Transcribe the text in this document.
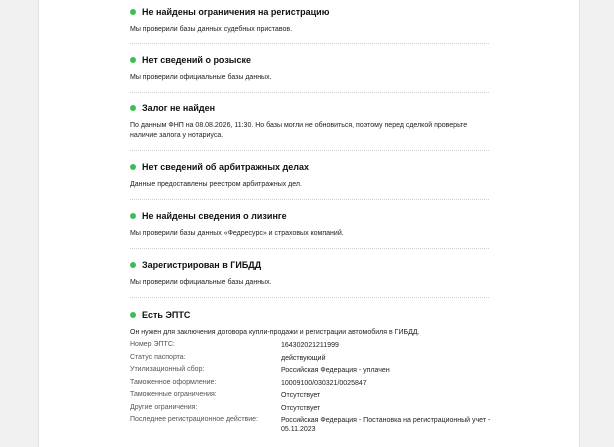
Не найдены ограничения на регистрацию
Мы проверили базы данных судебных приставов.
Нет сведений о розыске
Мы проверили официальные базы данных.
Залог не найден
По данным ФНП на 08.08.2026, 11:30. Но базы могли не обновиться, поэтому перед сделкой проверьте наличие залога у нотариуса.
Нет сведений об арбитражных делах
Данные предоставлены реестром арбитражных дел.
Не найдены сведения о лизинге
Мы проверили базы данных «Федресурс» и страховых компаний.
Зарегистрирован в ГИБДД
Мы проверили официальные базы данных.
Есть ЭПТС
Он нужен для заключения договора купли-продажи и регистрации автомобиля в ГИБДД.
Номер ЭПТС:	164302021211999
Статус паспорта:	действующий
Утилизационный сбор:	Российская Федерация - уплачен
Таможенное оформление:	10009100/030321/0025847
Таможенные ограничения:	Отсутствует
Другие ограничения:	Отсутствует
Последнее регистрационное действие:	Российская Федерация - Постановка на регистрационный учет - 05.11.2023
